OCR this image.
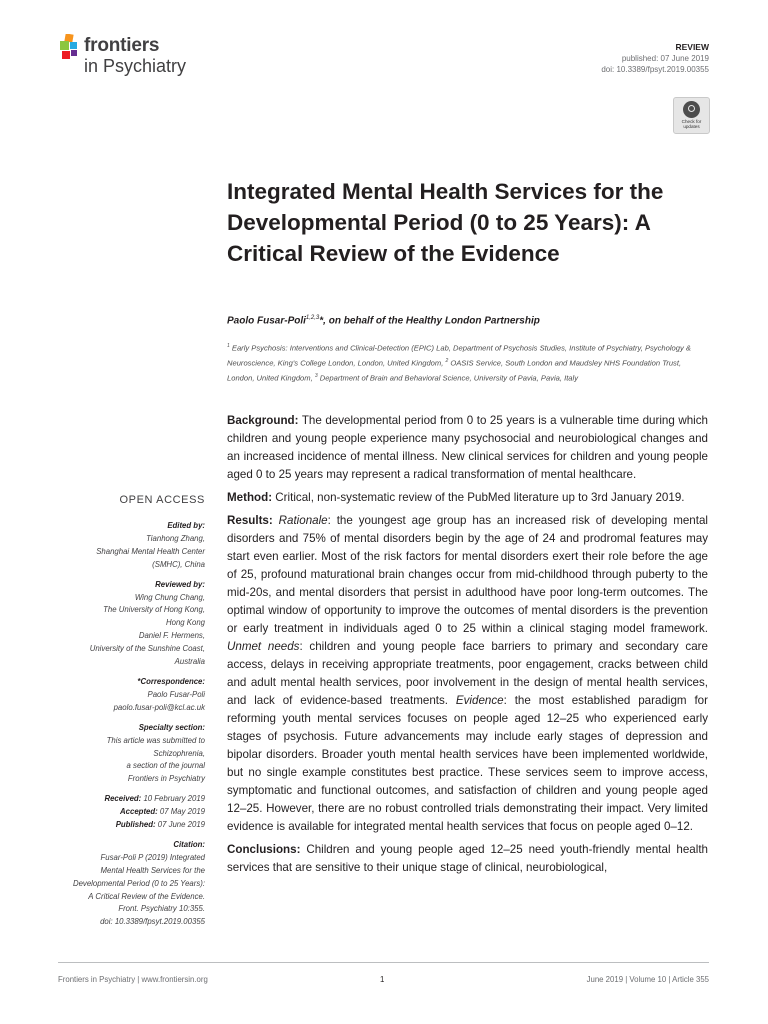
frontiers
in Psychiatry
REVIEW
published: 07 June 2019
doi: 10.3389/fpsyt.2019.00355
Check for
updates
Integrated Mental Health Services for the Developmental Period (0 to 25 Years): A Critical Review of the Evidence
Paolo Fusar-Poli$^{1,2,3}$*, on behalf of the Healthy London Partnership
$^1$ Early Psychosis: Interventions and Clinical-Detection (EPIC) Lab, Department of Psychosis Studies, Institute of Psychiatry, Psychology & Neuroscience, King's College London, London, United Kingdom, $^2$ OASIS Service, South London and Maudsley NHS Foundation Trust, London, United Kingdom, $^3$ Department of Brain and Behavioral Science, University of Pavia, Pavia, Italy
OPEN ACCESS
Edited by:
Tianhong Zhang,
Shanghai Mental Health Center
(SMHC), China
Reviewed by:
Wing Chung Chang,
The University of Hong Kong,
Hong Kong
Daniel F. Hermens,
University of the Sunshine Coast,
Australia
*Correspondence:
Paolo Fusar-Poli
paolo.fusar-poli@kcl.ac.uk
Specialty section:
This article was submitted to
Schizophrenia,
a section of the journal
Frontiers in Psychiatry
Received: 10 February 2019
Accepted: 07 May 2019
Published: 07 June 2019
Citation:
Fusar-Poli P (2019) Integrated
Mental Health Services for the
Developmental Period (0 to 25 Years):
A Critical Review of the Evidence.
Front. Psychiatry 10:355.
doi: 10.3389/fpsyt.2019.00355

Background: The developmental period from 0 to 25 years is a vulnerable time during which children and young people experience many psychosocial and neurobiological changes and an increased incidence of mental illness. New clinical services for children and young people aged 0 to 25 years may represent a radical transformation of mental healthcare.

Method: Critical, non-systematic review of the PubMed literature up to 3rd January 2019.

Results: Rationale: the youngest age group has an increased risk of developing mental disorders and 75% of mental disorders begin by the age of 24 and prodromal features may start even earlier. Most of the risk factors for mental disorders exert their role before the age of 25, profound maturational brain changes occur from mid-childhood through puberty to the mid-20s, and mental disorders that persist in adulthood have poor long-term outcomes. The optimal window of opportunity to improve the outcomes of mental disorders is the prevention or early treatment in individuals aged 0 to 25 within a clinical staging model framework. Unmet needs: children and young people face barriers to primary and secondary care access, delays in receiving appropriate treatments, poor engagement, cracks between child and adult mental health services, poor involvement in the design of mental health services, and lack of evidence-based treatments. Evidence: the most established paradigm for reforming youth mental services focuses on people aged 12–25 who experienced early stages of psychosis. Future advancements may include early stages of depression and bipolar disorders. Broader youth mental health services have been implemented worldwide, but no single example constitutes best practice. These services seem to improve access, symptomatic and functional outcomes, and satisfaction of children and young people aged 12–25. However, there are no robust controlled trials demonstrating their impact. Very limited evidence is available for integrated mental health services that focus on people aged 0–12.

Conclusions: Children and young people aged 12–25 need youth-friendly mental health services that are sensitive to their unique stage of clinical, neurobiological,

Frontiers in Psychiatry | www.frontiersin.org	1	June 2019 | Volume 10 | Article 355
